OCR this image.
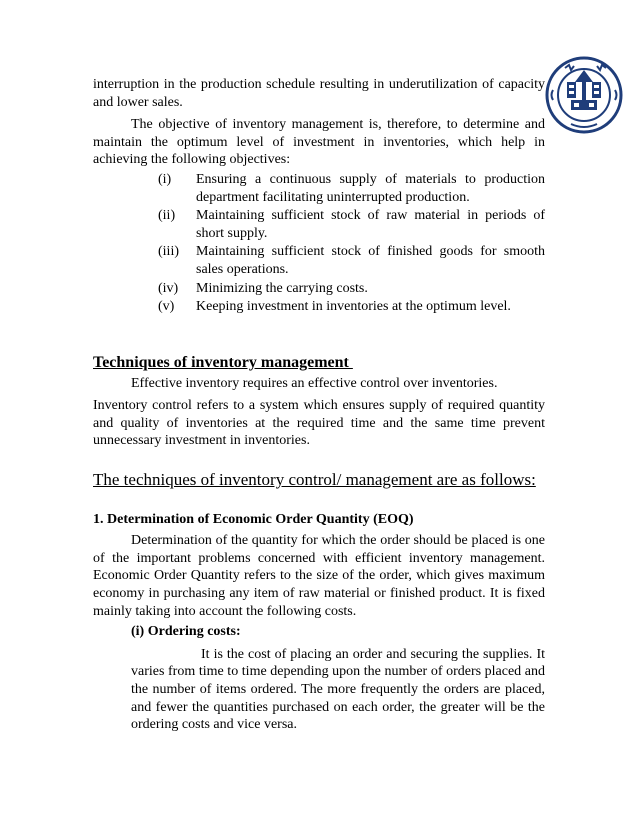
interruption in the production schedule resulting in underutilization of capacity and lower sales.

The objective of inventory management is, therefore, to determine and maintain the optimum level of investment in inventories, which help in achieving the following objectives:

(i)	Ensuring a continuous supply of materials to production department facilitating uninterrupted production.
(ii)	Maintaining sufficient stock of raw material in periods of short supply.
(iii)	Maintaining sufficient stock of finished goods for smooth sales operations.
(iv)	Minimizing the carrying costs.
(v)	Keeping investment in inventories at the optimum level.

Techniques of inventory management

Effective inventory requires an effective control over inventories.

Inventory control refers to a system which ensures supply of required quantity and quality of inventories at the required time and the same time prevent unnecessary investment in inventories.

The techniques of inventory control/ management are as follows:

1. Determination of Economic Order Quantity (EOQ)

Determination of the quantity for which the order should be placed is one of the important problems concerned with efficient inventory management. Economic Order Quantity refers to the size of the order, which gives maximum economy in purchasing any item of raw material or finished product. It is fixed mainly taking into account the following costs.

(i) Ordering costs:

It is the cost of placing an order and securing the supplies. It varies from time to time depending upon the number of orders placed and the number of items ordered. The more frequently the orders are placed, and fewer the quantities purchased on each order, the greater will be the ordering costs and vice versa.
